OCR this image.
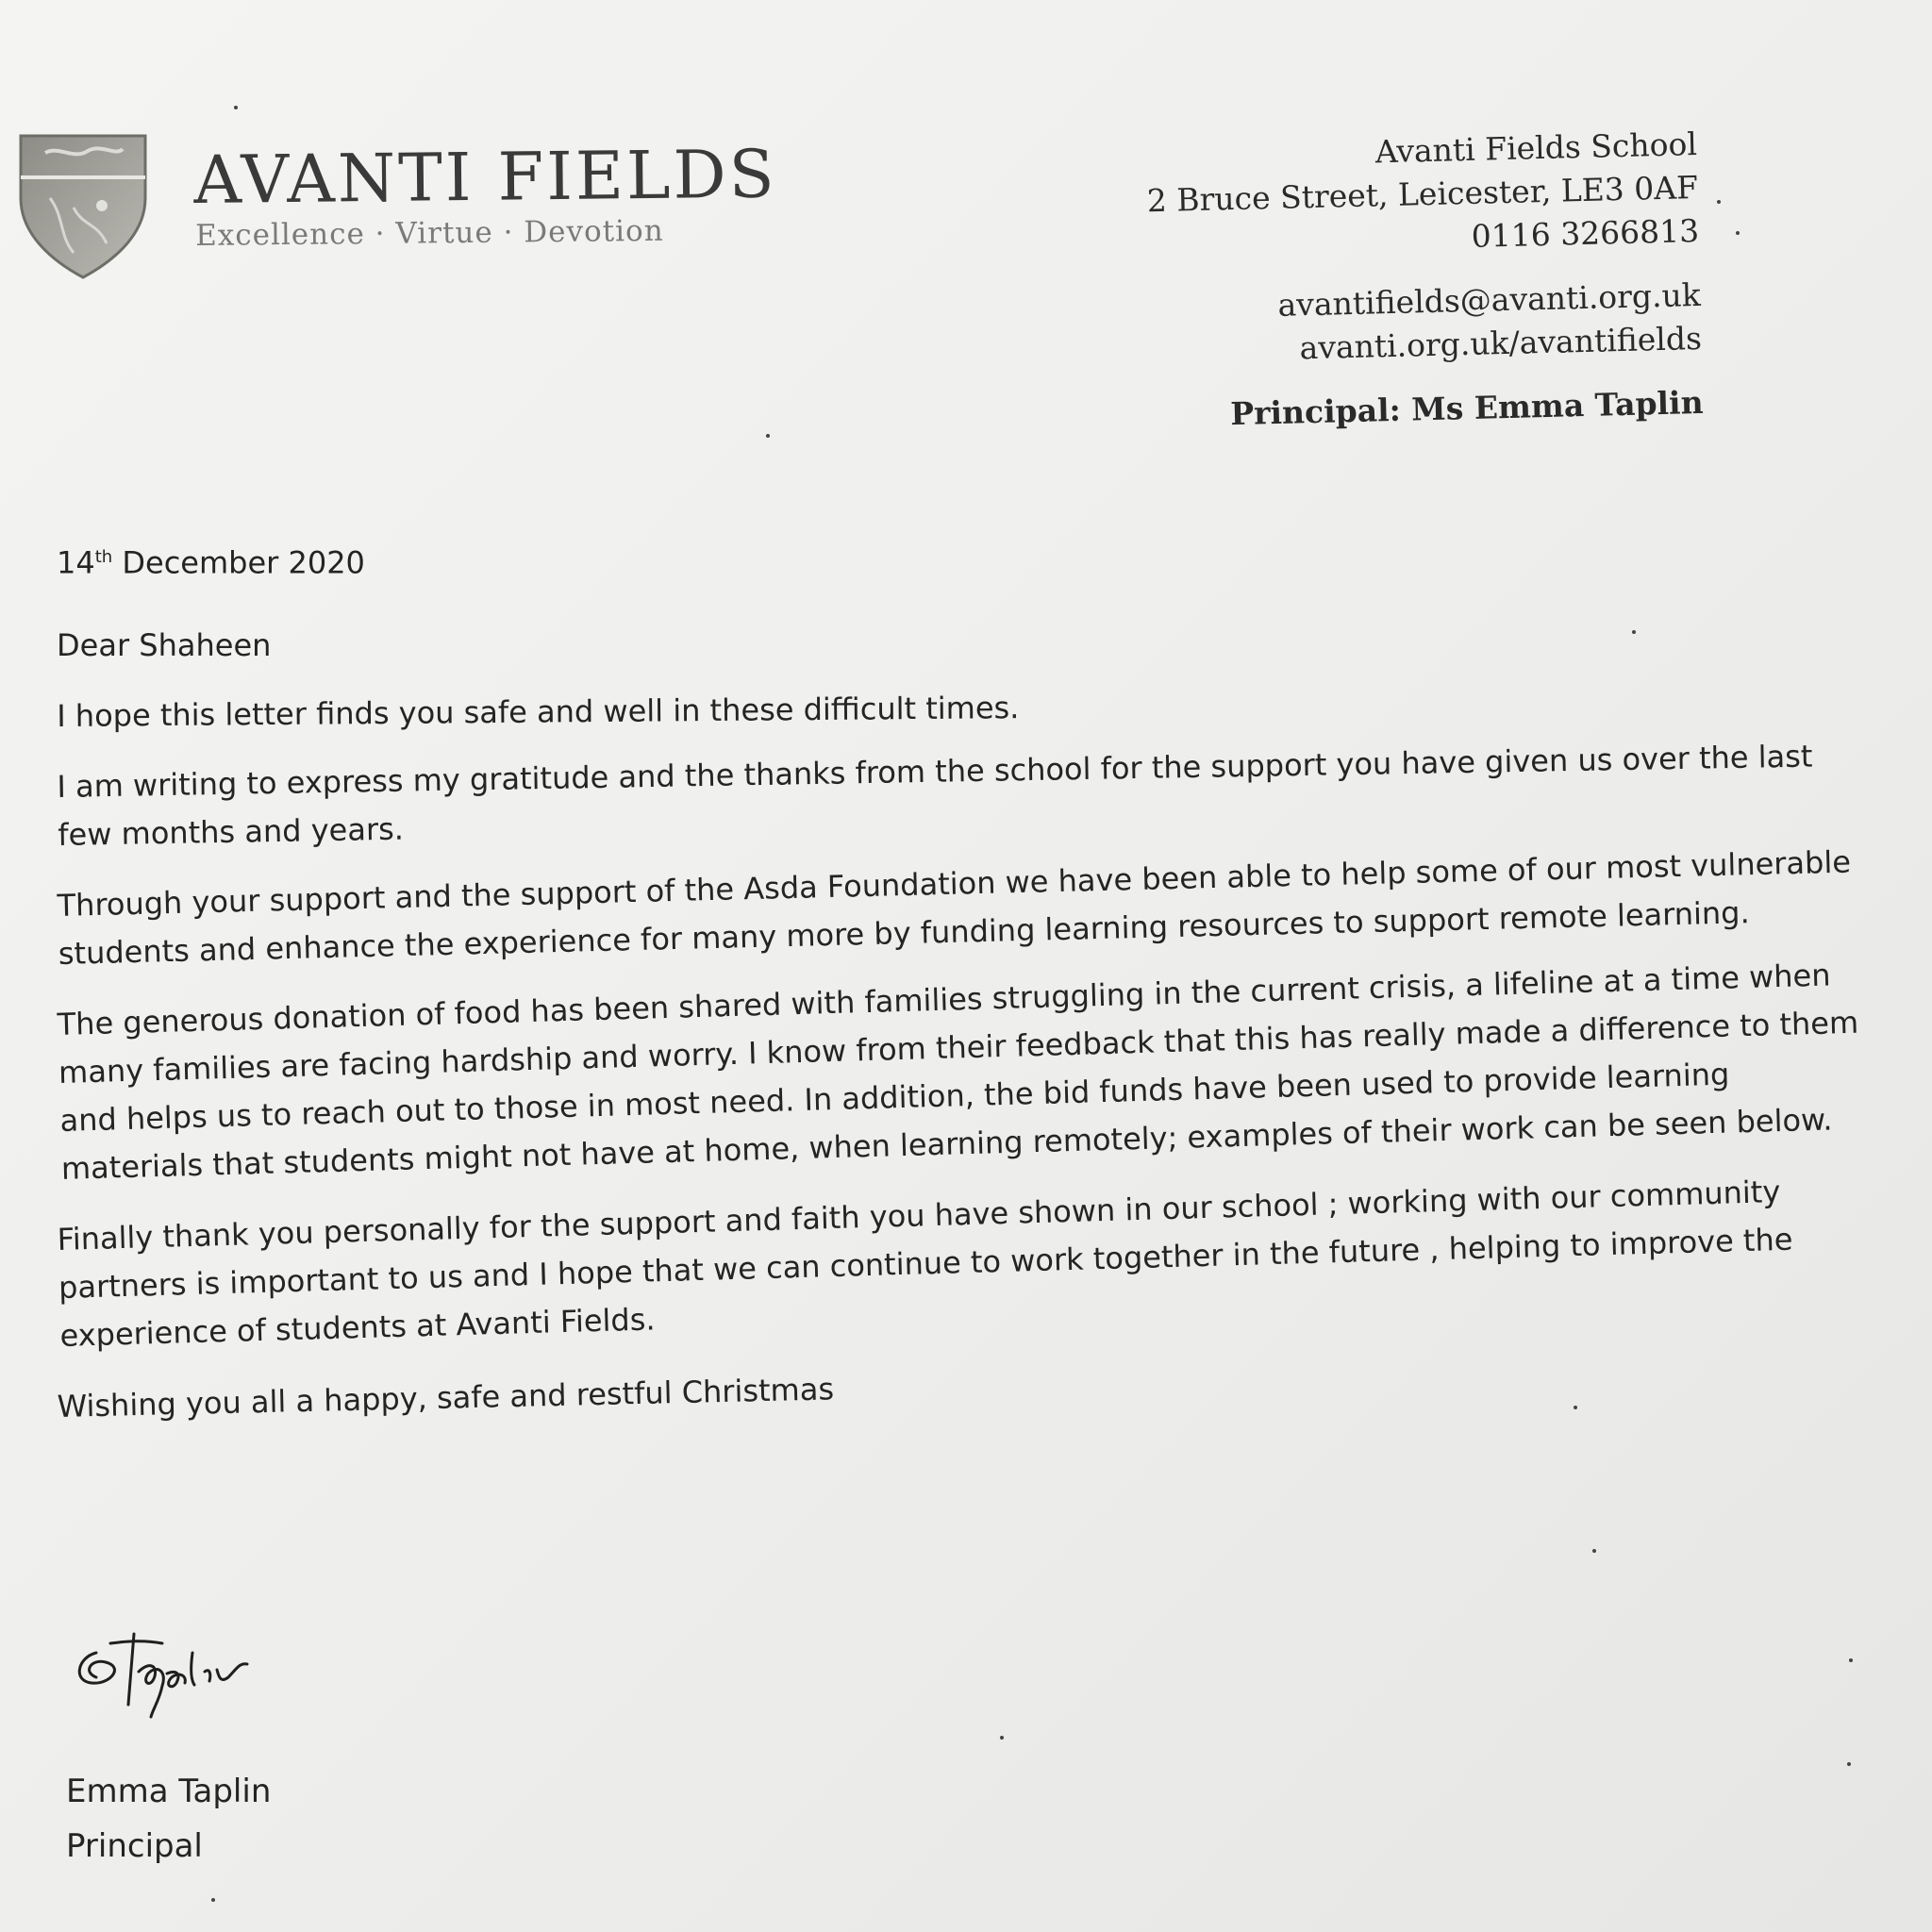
AVANTI FIELDS
Excellence · Virtue · Devotion
Avanti Fields School
2 Bruce Street, Leicester, LE3 0AF
0116 3266813
avantifields@avanti.org.uk
avanti.org.uk/avantifields
Principal: Ms Emma Taplin
14th December 2020

Dear Shaheen

I hope this letter finds you safe and well in these difficult times.

I am writing to express my gratitude and the thanks from the school for the support you have given us over the last few months and years.

Through your support and the support of the Asda Foundation we have been able to help some of our most vulnerable students and enhance the experience for many more by funding learning resources to support remote learning.

The generous donation of food has been shared with families struggling in the current crisis, a lifeline at a time when many families are facing hardship and worry. I know from their feedback that this has really made a difference to them and helps us to reach out to those in most need. In addition, the bid funds have been used to provide learning materials that students might not have at home, when learning remotely; examples of their work can be seen below.

Finally thank you personally for the support and faith you have shown in our school ; working with our community partners is important to us and I hope that we can continue to work together in the future , helping to improve the experience of students at Avanti Fields.

Wishing you all a happy, safe and restful Christmas

Emma Taplin
Principal
